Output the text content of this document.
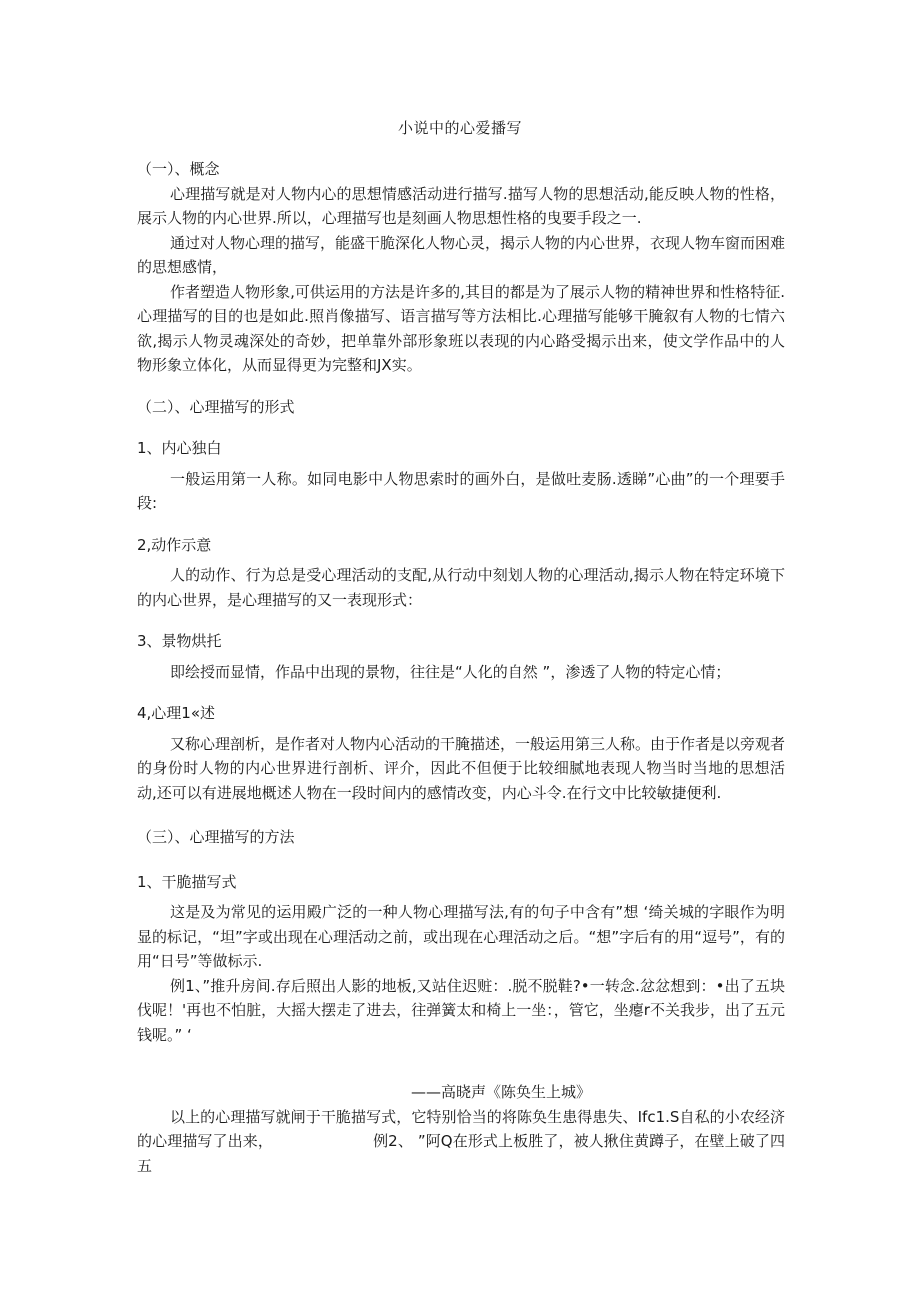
小说中的心爱播写

（一）、概念

心理描写就是对人物内心的思想情感活动进行描写.描写人物的思想活动,能反映人物的性格，展示人物的内心世界.所以，心理描写也是刻画人物思想性格的曳要手段之一.

通过对人物心理的描写，能盛干脆深化人物心灵，揭示人物的内心世界，衣现人物车窗而困难的思想感情，

作者塑造人物形象,可供运用的方法是许多的,其目的都是为了展示人物的精神世界和性格特征.心理描写的目的也是如此.照肖像描写、语言描写等方法相比.心理描写能够干腌叙有人物的七情六欲,揭示人物灵魂深处的奇妙，把单靠外部形象班以表现的内心路受揭示出来，使文学作品中的人物形象立体化，从而显得更为完整和JX实。

（二）、心理描写的形式

1、内心独白

一般运用第一人称。如同电影中人物思索时的画外白，是做吐麦肠.透睇”心曲”的一个理要手段:

2,动作示意

人的动作、行为总是受心理活动的支配,从行动中刻划人物的心理活动,揭示人物在特定环境下的内心世界，是心理描写的又一表现形式：

3、景物烘托

即绘授而显情，作品中出现的景物，往往是“人化的自然 ”，渗透了人物的特定心情；

4,心理1«述

又称心理剖析，是作者对人物内心活动的干腌描述，一般运用第三人称。由于作者是以旁观者的身份时人物的内心世界进行剖析、评介，因此不但便于比较细腻地表现人物当时当地的思想活动,还可以有进展地概述人物在一段时间内的感情改变，内心斗令.在行文中比较敏捷便利.

（三）、心理描写的方法

1、干脆描写式

这是及为常见的运用殿广泛的一种人物心理描写法,有的句子中含有”想 ‘绮关城的字眼作为明显的标记，“坦”字或出现在心理活动之前，或出现在心理活动之后。“想”字后有的用“逗号”，有的用“日号”等做标示.

例1、”推升房间.存后照出人影的地板,又站住迟赃：.脱不脱鞋?•一转念.忿忿想到：•出了五块伐呢！'再也不怕脏，大摇大摆走了进去，往弹簧太和椅上一坐：，管它，坐瘪r不关我步，出了五元钱呢。” ‘

——高晓声《陈奂生上城》

以上的心理描写就闸于干脆描写式，它特别恰当的将陈奂生患得患失、Ifc1.S自私的小农经济的心理描写了出来，	例2、 ”阿Q在形式上板胜了，被人揪住黄蹲子，在壁上破了四五
